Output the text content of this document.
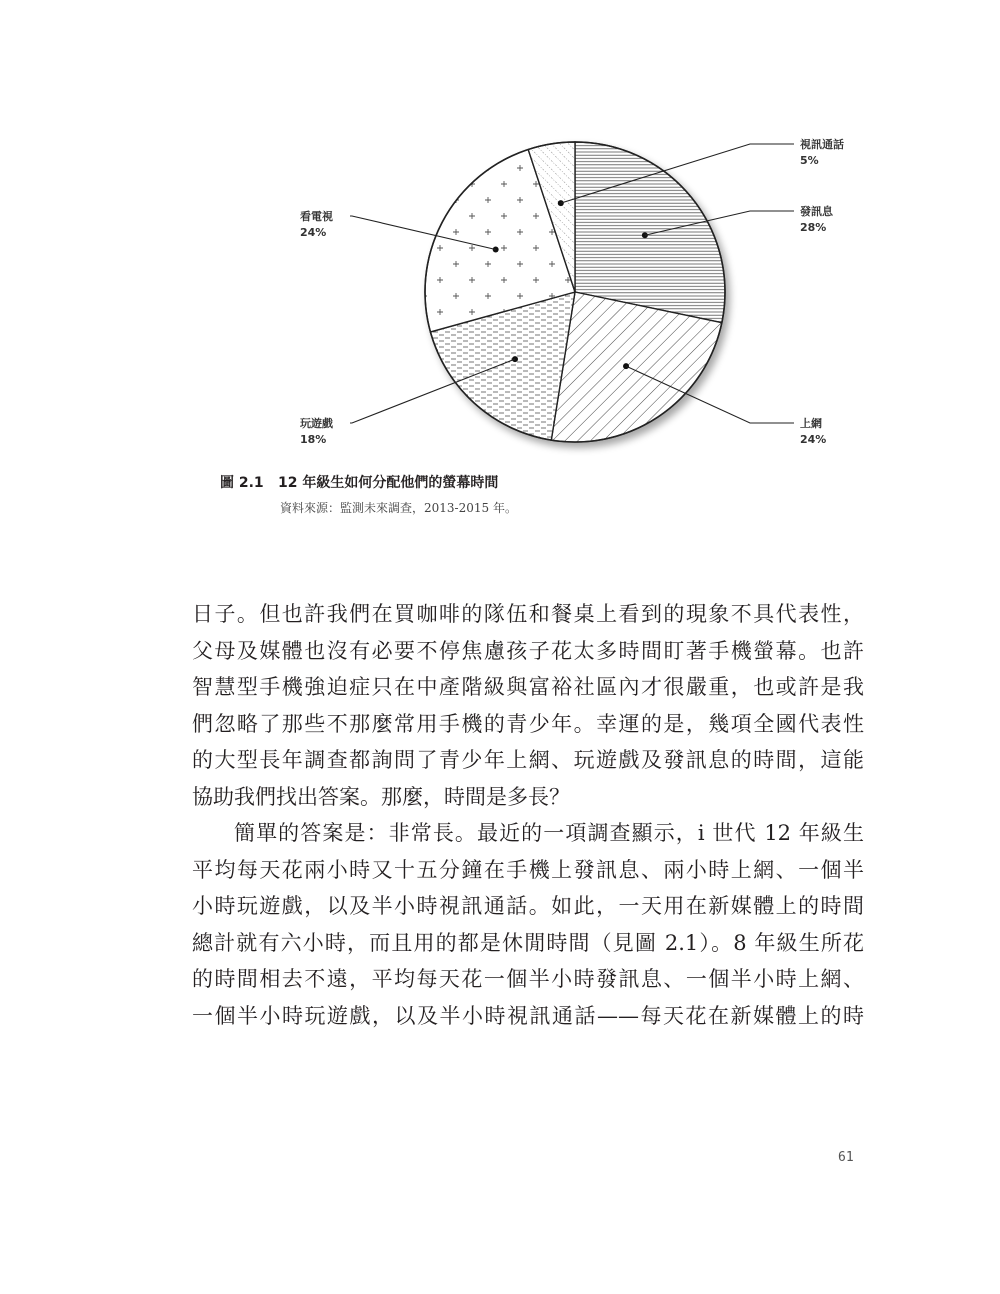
發訊息
28%
上網
24%
玩遊戲
18%
看電視
24%
視訊通話
5%
圖 2.1 12 年級生如何分配他們的螢幕時間
資料來源：監測未來調查，2013-2015 年。
日子。但也許我們在買咖啡的隊伍和餐桌上看到的現象不具代表性，
父母及媒體也沒有必要不停焦慮孩子花太多時間盯著手機螢幕。也許
智慧型手機強迫症只在中產階級與富裕社區內才很嚴重，也或許是我
們忽略了那些不那麼常用手機的青少年。幸運的是，幾項全國代表性
的大型長年調查都詢問了青少年上網、玩遊戲及發訊息的時間，這能
協助我們找出答案。那麼，時間是多長？
簡單的答案是：非常長。最近的一項調查顯示，i 世代 12 年級生
平均每天花兩小時又十五分鐘在手機上發訊息、兩小時上網、一個半
小時玩遊戲，以及半小時視訊通話。如此，一天用在新媒體上的時間
總計就有六小時，而且用的都是休閒時間（見圖 2.1）。8 年級生所花
的時間相去不遠，平均每天花一個半小時發訊息、一個半小時上網、
一個半小時玩遊戲，以及半小時視訊通話——每天花在新媒體上的時
61
